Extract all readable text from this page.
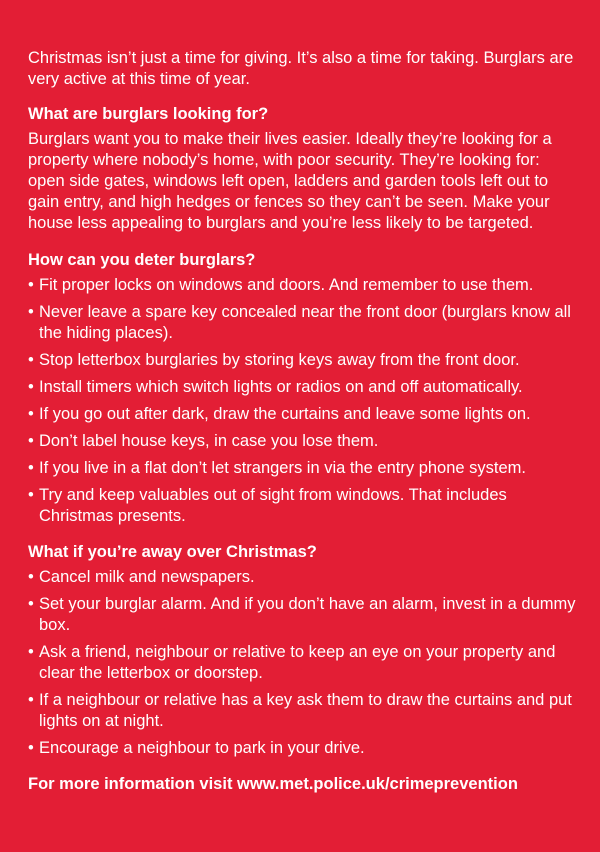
Christmas isn’t just a time for giving. It’s also a time for taking. Burglars are very active at this time of year.

What are burglars looking for?

Burglars want you to make their lives easier. Ideally they’re looking for a property where nobody’s home, with poor security. They’re looking for: open side gates, windows left open, ladders and garden tools left out to gain entry, and high hedges or fences so they can’t be seen. Make your house less appealing to burglars and you’re less likely to be targeted.

How can you deter burglars?
• Fit proper locks on windows and doors. And remember to use them.
• Never leave a spare key concealed near the front door (burglars know all the hiding places).
• Stop letterbox burglaries by storing keys away from the front door.
• Install timers which switch lights or radios on and off automatically.
• If you go out after dark, draw the curtains and leave some lights on.
• Don’t label house keys, in case you lose them.
• If you live in a flat don’t let strangers in via the entry phone system.
• Try and keep valuables out of sight from windows. That includes Christmas presents.
What if you’re away over Christmas?
• Cancel milk and newspapers.
• Set your burglar alarm. And if you don’t have an alarm, invest in a dummy box.
• Ask a friend, neighbour or relative to keep an eye on your property and clear the letterbox or doorstep.
• If a neighbour or relative has a key ask them to draw the curtains and put lights on at night.
• Encourage a neighbour to park in your drive.

For more information visit www.met.police.uk/crimeprevention
